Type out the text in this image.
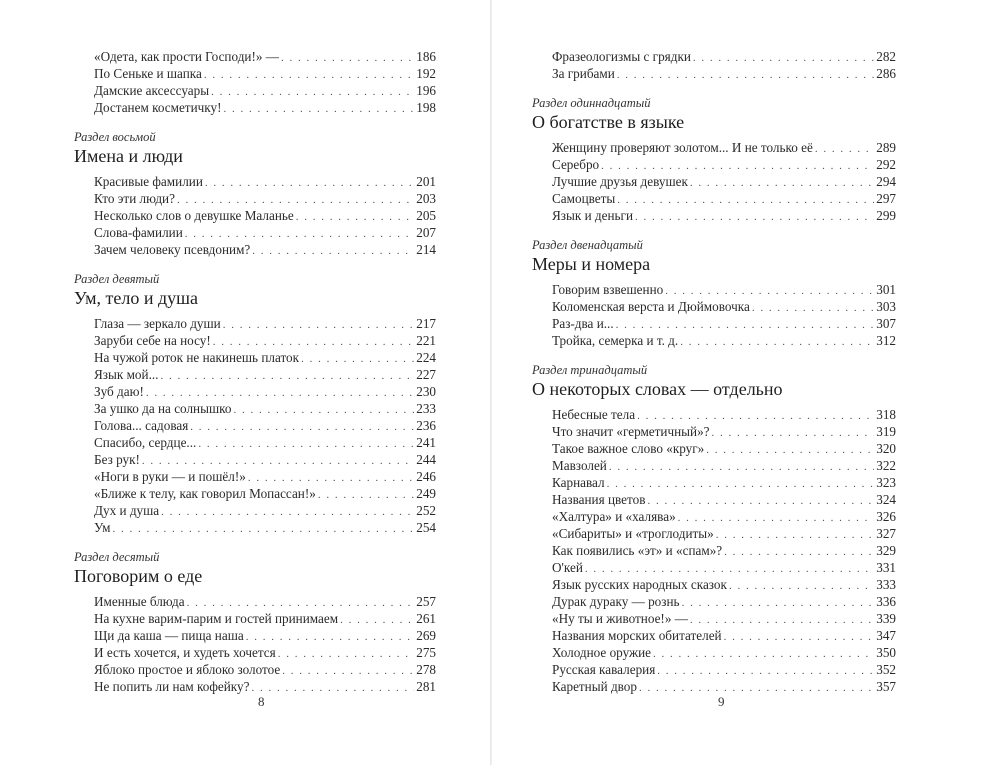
«Одета, как прости Господи!» — . . .	186
По Сеньке и шапка . . .	192
Дамские аксессуары . . .	196
Достанем косметичку! . . .	198
Раздел восьмой
Имена и люди
Красивые фамилии . . .	201
Кто эти люди? . . .	203
Несколько слов о девушке Маланье . . .	205
Слова-фамилии . . .	207
Зачем человеку псевдоним? . . .	214
Раздел девятый
Ум, тело и душа
Глаза — зеркало души . . .	217
Заруби себе на носу! . . .	221
На чужой роток не накинешь платок . . .	224
Язык мой... . . .	227
Зуб даю! . . .	230
За ушко да на солнышко . . .	233
Голова... садовая . . .	236
Спасибо, сердце... . . .	241
Без рук! . . .	244
«Ноги в руки — и пошёл!» . . .	246
«Ближе к телу, как говорил Мопассан!» . . .	249
Дух и душа . . .	252
Ум . . .	254
Раздел десятый
Поговорим о еде
Именные блюда . . .	257
На кухне варим-парим и гостей принимаем . . .	261
Щи да каша — пища наша . . .	269
И есть хочется, и худеть хочется . . .	275
Яблоко простое и яблоко золотое . . .	278
Не попить ли нам кофейку? . . .	281
8
Фразеологизмы с грядки . . .	282
За грибами . . .	286
Раздел одиннадцатый
О богатстве в языке
Женщину проверяют золотом... И не только её . . .	289
Серебро . . .	292
Лучшие друзья девушек . . .	294
Самоцветы . . .	297
Язык и деньги . . .	299
Раздел двенадцатый
Меры и номера
Говорим взвешенно . . .	301
Коломенская верста и Дюймовочка . . .	303
Раз-два и... . . .	307
Тройка, семерка и т. д. . . .	312
Раздел тринадцатый
О некоторых словах — отдельно
Небесные тела . . .	318
Что значит «герметичный»? . . .	319
Такое важное слово «круг» . . .	320
Мавзолей . . .	322
Карнавал . . .	323
Названия цветов . . .	324
«Халтура» и «халява» . . .	326
«Сибариты» и «троглодиты» . . .	327
Как появились «эт» и «спам»? . . .	329
О'кей . . .	331
Язык русских народных сказок . . .	333
Дурак дураку — рознь . . .	336
«Ну ты и животное!» — . . .	339
Названия морских обитателей . . .	347
Холодное оружие . . .	350
Русская кавалерия . . .	352
Каретный двор . . .	357
9
